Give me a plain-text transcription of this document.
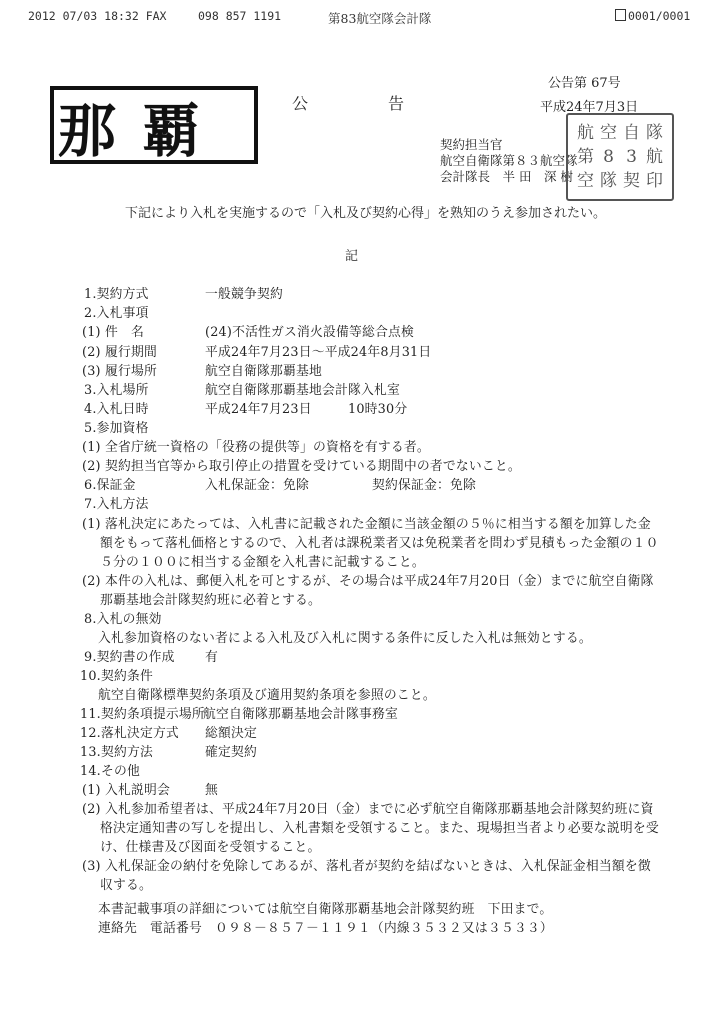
2012 07/03 18:32 FAX	098 857 1191	第83航空隊会計隊	0001/0001
那覇	公	告
公告第 67号
平成24年7月3日
契約担当官
航空自衛隊第８３航空隊
会計隊長　半 田　深 樹
航 空 自 隊
第 8 3 航
空 隊 契 印
下記により入札を実施するので「入札及び契約心得」を熟知のうえ参加されたい。
記
1.契約方式	一般競争契約
2.入札事項
(1) 件　名	(24)不活性ガス消火設備等総合点検
(2) 履行期間	平成24年7月23日～平成24年8月31日
(3) 履行場所	航空自衛隊那覇基地
3.入札場所	航空自衛隊那覇基地会計隊入札室
4.入札日時	平成24年7月23日	10時30分
5.参加資格
(1) 全省庁統一資格の「役務の提供等」の資格を有する者。
(2) 契約担当官等から取引停止の措置を受けている期間中の者でないこと。
6.保証金	入札保証金：免除	契約保証金：免除
7.入札方法
(1) 落札決定にあたっては、入札書に記載された金額に当該金額の５％に相当する額を加算した金
額をもって落札価格とするので、入札者は課税業者又は免税業者を問わず見積もった金額の１０
５分の１００に相当する金額を入札書に記載すること。
(2) 本件の入札は、郵便入札を可とするが、その場合は平成24年7月20日（金）までに航空自衛隊
那覇基地会計隊契約班に必着とする。
8.入札の無効
入札参加資格のない者による入札及び入札に関する条件に反した入札は無効とする。
9.契約書の作成 有
10.契約条件
航空自衛隊標準契約条項及び適用契約条項を参照のこと。
11.契約条項提示場所
航空自衛隊那覇基地会計隊事務室
12.落札決定方式 総額決定
13.契約方法	確定契約
14.その他
(1) 入札説明会	無
(2) 入札参加希望者は、平成24年7月20日（金）までに必ず航空自衛隊那覇基地会計隊契約班に資
格決定通知書の写しを提出し、入札書類を受領すること。また、現場担当者より必要な説明を受
け、仕様書及び図面を受領すること。
(3) 入札保証金の納付を免除してあるが、落札者が契約を結ばないときは、入札保証金相当額を徴
収する。
本書記載事項の詳細については航空自衛隊那覇基地会計隊契約班　下田まで。
連絡先　電話番号　０９８－８５７－１１９１（内線３５３２又は３５３３）
